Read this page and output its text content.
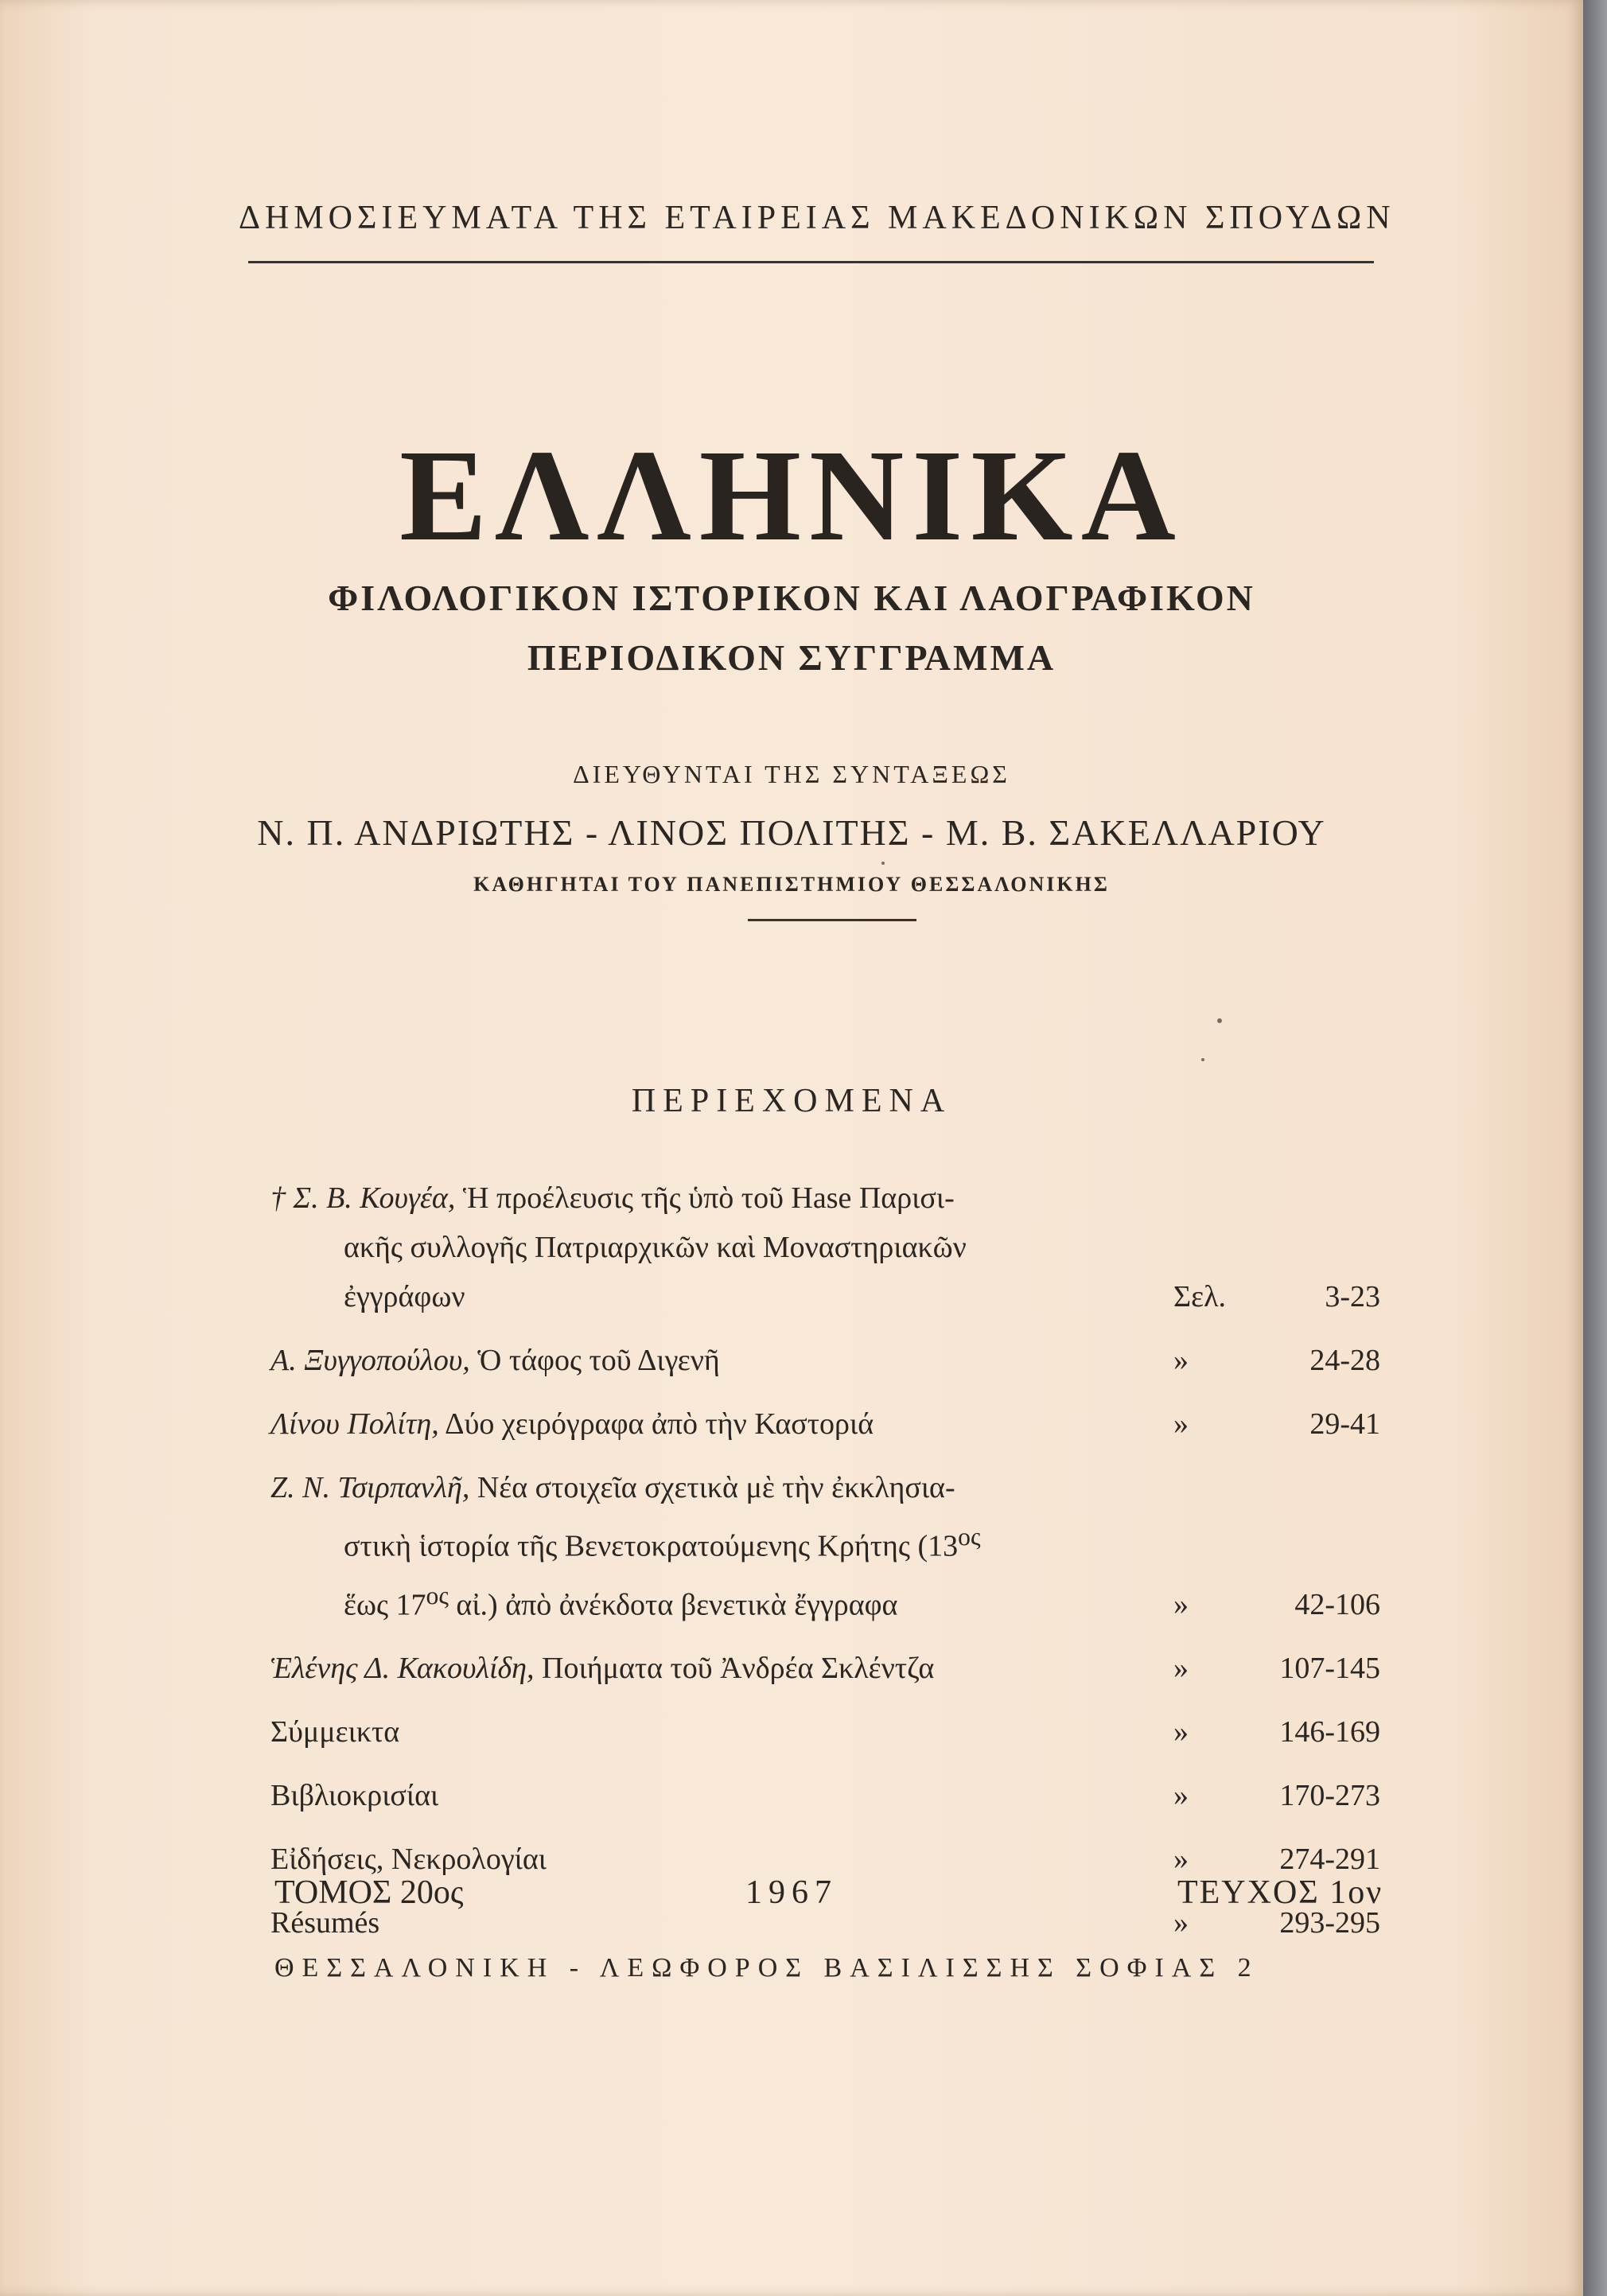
ΔΗΜΟΣΙΕΥΜΑΤΑ ΤΗΣ ΕΤΑΙΡΕΙΑΣ ΜΑΚΕΔΟΝΙΚΩΝ ΣΠΟΥΔΩΝ
ΕΛΛΗΝΙΚΑ
ΦΙΛΟΛΟΓΙΚΟΝ ΙΣΤΟΡΙΚΟΝ ΚΑΙ ΛΑΟΓΡΑΦΙΚΟΝ
ΠΕΡΙΟΔΙΚΟΝ ΣΥΓΓΡΑΜΜΑ
ΔΙΕΥΘΥΝΤΑΙ ΤΗΣ ΣΥΝΤΑΞΕΩΣ
Ν. Π. ΑΝΔΡΙΩΤΗΣ - ΛΙΝΟΣ ΠΟΛΙΤΗΣ - Μ. Β. ΣΑΚΕΛΛΑΡΙΟΥ
ΚΑΘΗΓΗΤΑΙ ΤΟΥ ΠΑΝΕΠΙΣΤΗΜΙΟΥ ΘΕΣΣΑΛΟΝΙΚΗΣ
ΠΕΡΙΕΧΟΜΕΝΑ
† Σ. Β. Κουγέα, Ἡ προέλευσις τῆς ὑπὸ τοῦ Hase Παρισι-
ακῆς συλλογῆς Πατριαρχικῶν καὶ Μοναστηριακῶν
ἐγγράφων	Σελ.	3-23
Α. Ξυγγοπούλου, Ὁ τάφος τοῦ Διγενῆ	»	24-28
Λίνου Πολίτη, Δύο χειρόγραφα ἀπὸ τὴν Καστοριά	»	29-41
Ζ. Ν. Τσιρπανλῆ, Νέα στοιχεῖα σχετικὰ μὲ τὴν ἐκκλησια-
στικὴ ἱστορία τῆς Βενετοκρατούμενης Κρήτης ($13^{o\varsigma}$
ἕως $17^{o\varsigma}$ αἰ.) ἀπὸ ἀνέκδοτα βενετικὰ ἔγγραφα	»	42-106
Ἑλένης Δ. Κακουλίδη, Ποιήματα τοῦ Ἀνδρέα Σκλέντζα	»	107-145
Σύμμεικτα	»	146-169
Βιβλιοκρισίαι	»	170-273
Εἰδήσεις, Νεκρολογίαι	»	274-291
Résumés	»	293-295
ΤΟΜΟΣ 20ος	1967	ΤΕΥΧΟΣ 1ον
ΘΕΣΣΑΛΟΝΙΚΗ - ΛΕΩΦΟΡΟΣ ΒΑΣΙΛΙΣΣΗΣ ΣΟΦΙΑΣ 2
